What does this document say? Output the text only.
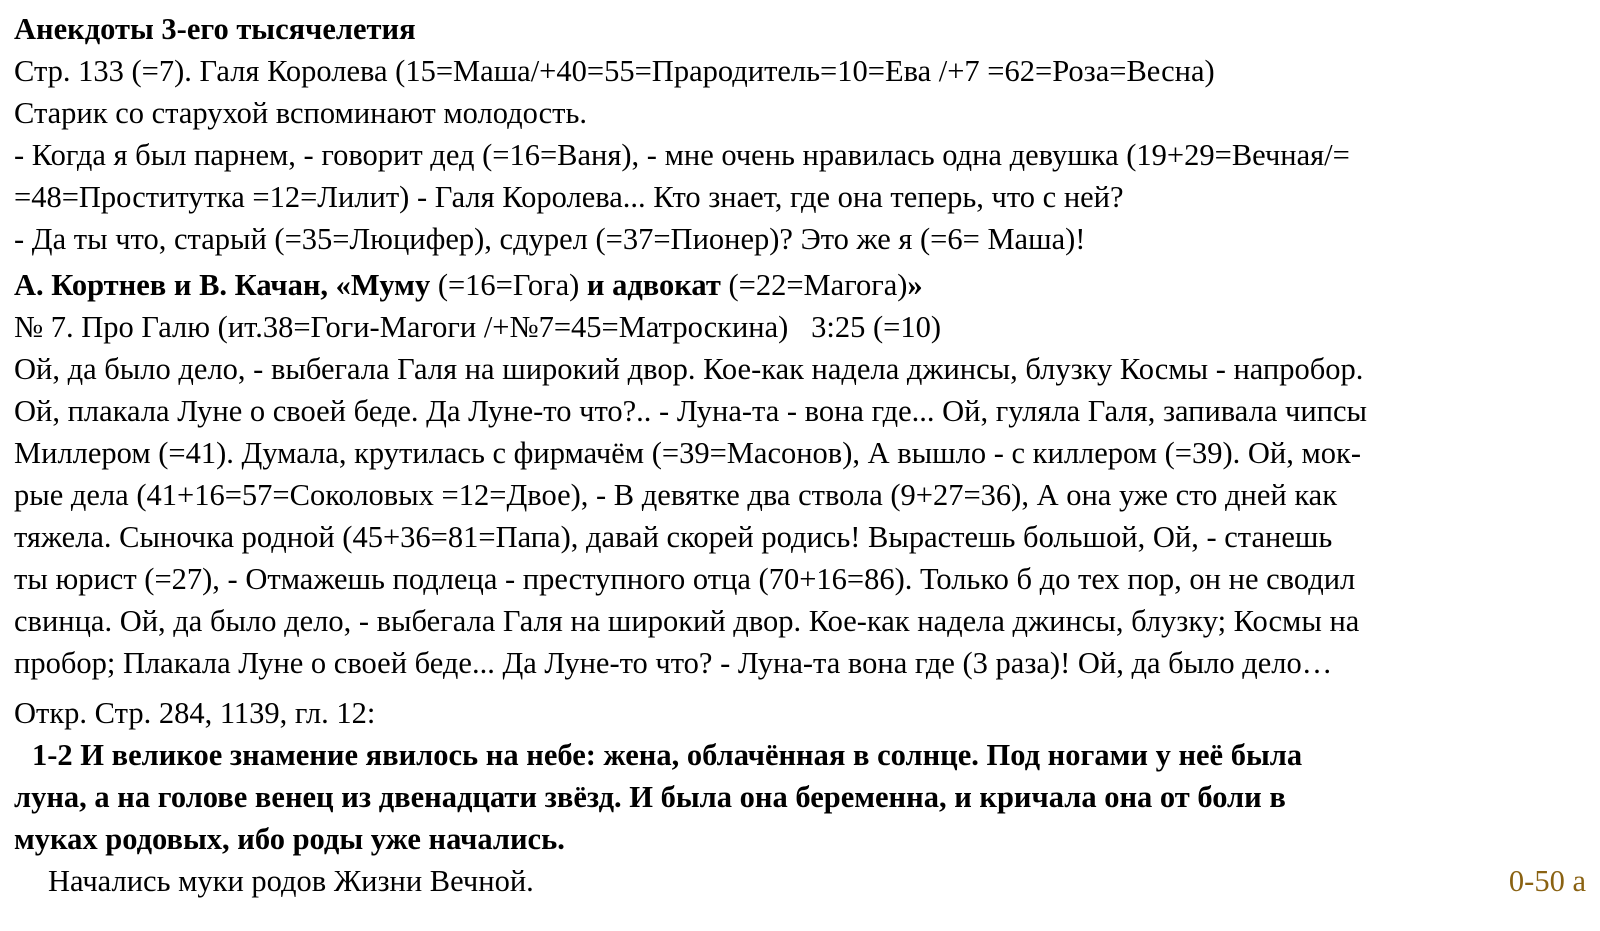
Анекдоты 3-его тысячелетия
Стр. 133 (=7). Галя Королева (15=Маша/+40=55=Прародитель=10=Ева /+7 =62=Роза=Весна)
Старик со старухой вспоминают молодость.
- Когда я был парнем, - говорит дед (=16=Ваня), - мне очень нравилась одна девушка (19+29=Вечная/=
=48=Проститутка =12=Лилит) - Галя Королева... Кто знает, где она теперь, что с ней?
- Да ты что, старый (=35=Люцифер), сдурел (=37=Пионер)? Это же я (=6= Маша)!
А. Кортнев и В. Качан, «Муму (=16=Гога) и адвокат (=22=Магога)»
№ 7. Про Галю (ит.38=Гоги-Магоги /+№7=45=Матроскина)   3:25 (=10)
Ой, да было дело, - выбегала Галя на широкий двор. Кое-как надела джинсы, блузку Космы - напробор.
Ой, плакала Луне о своей беде. Да Луне-то что?.. - Луна-та - вона где... Ой, гуляла Галя, запивала чипсы
Миллером (=41). Думала, крутилась с фирмачём (=39=Масонов), А вышло - с киллером (=39). Ой, мок-
рые дела (41+16=57=Соколовых =12=Двое), - В девятке два ствола (9+27=36), А она уже сто дней как
тяжела. Сыночка родной (45+36=81=Папа), давай скорей родись! Вырастешь большой, Ой, - станешь
ты юрист (=27), - Отмажешь подлеца - преступного отца (70+16=86). Только б до тех пор, он не сводил
свинца. Ой, да было дело, - выбегала Галя на широкий двор. Кое-как надела джинсы, блузку; Космы на
пробор; Плакала Луне о своей беде... Да Луне-то что? - Луна-та вона где (3 раза)! Ой, да было дело…
Откр. Стр. 284, 1139, гл. 12:
1-2 И великое знамение явилось на небе: жена, облачённая в солнце. Под ногами у неё была
луна, а на голове венец из двенадцати звёзд. И была она беременна, и кричала она от боли в
муках родовых, ибо роды уже начались.
Начались муки родов Жизни Вечной.	0-50 а
